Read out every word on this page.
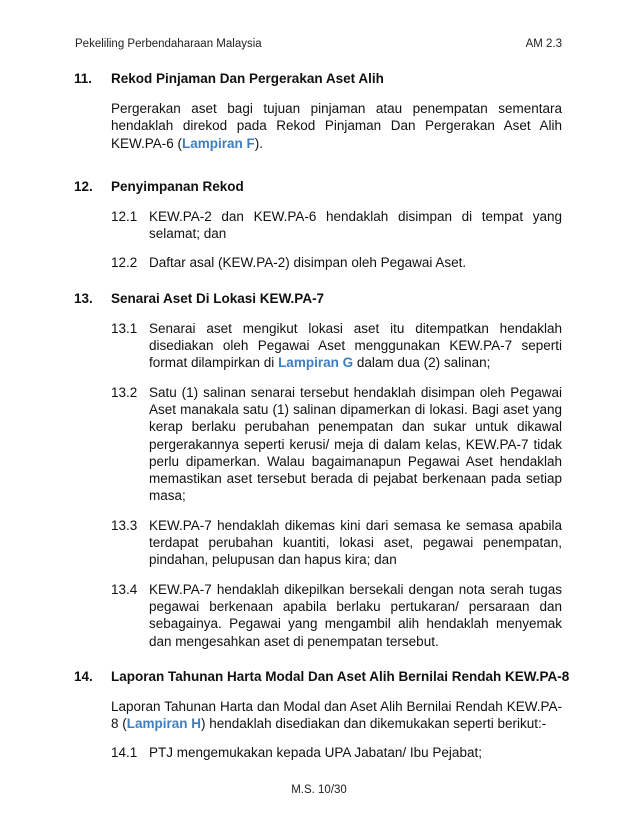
Pekeliling Perbendaharaan Malaysia	AM 2.3
11.	Rekod Pinjaman Dan Pergerakan Aset Alih
Pergerakan aset bagi tujuan pinjaman atau penempatan sementara hendaklah direkod pada Rekod Pinjaman Dan Pergerakan Aset Alih KEW.PA-6 (Lampiran F).
12.	Penyimpanan Rekod
12.1 KEW.PA-2 dan KEW.PA-6 hendaklah disimpan di tempat yang selamat; dan
12.2 Daftar asal (KEW.PA-2) disimpan oleh Pegawai Aset.
13.	Senarai Aset Di Lokasi KEW.PA-7
13.1 Senarai aset mengikut lokasi aset itu ditempatkan hendaklah disediakan oleh Pegawai Aset menggunakan KEW.PA-7 seperti format dilampirkan di Lampiran G dalam dua (2) salinan;
13.2 Satu (1) salinan senarai tersebut hendaklah disimpan oleh Pegawai Aset manakala satu (1) salinan dipamerkan di lokasi. Bagi aset yang kerap berlaku perubahan penempatan dan sukar untuk dikawal pergerakannya seperti kerusi/ meja di dalam kelas, KEW.PA-7 tidak perlu dipamerkan. Walau bagaimanapun Pegawai Aset hendaklah memastikan aset tersebut berada di pejabat berkenaan pada setiap masa;
13.3 KEW.PA-7 hendaklah dikemas kini dari semasa ke semasa apabila terdapat perubahan kuantiti, lokasi aset, pegawai penempatan, pindahan, pelupusan dan hapus kira; dan
13.4 KEW.PA-7 hendaklah dikepilkan bersekali dengan nota serah tugas pegawai berkenaan apabila berlaku pertukaran/ persaraan dan sebagainya. Pegawai yang mengambil alih hendaklah menyemak dan mengesahkan aset di penempatan tersebut.
14.	Laporan Tahunan Harta Modal Dan Aset Alih Bernilai Rendah KEW.PA-8
Laporan Tahunan Harta dan Modal dan Aset Alih Bernilai Rendah KEW.PA-8 (Lampiran H) hendaklah disediakan dan dikemukakan seperti berikut:-
14.1 PTJ mengemukakan kepada UPA Jabatan/ Ibu Pejabat;
M.S. 10/30
